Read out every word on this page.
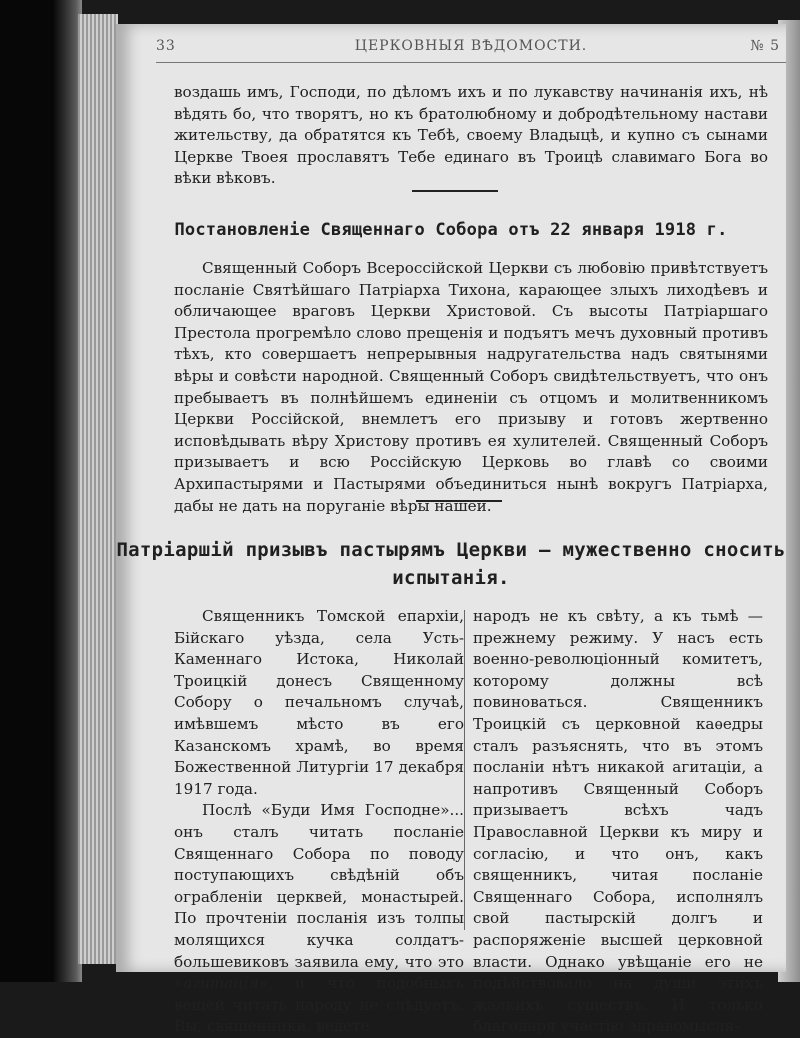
33	ЦЕРКОВНЫЯ ВѢДОМОСТИ.	№ 5

воздашь имъ, Господи, по дѣломъ ихъ и по лукавству начинанія ихъ, нѣ вѣдять бо, что творятъ, но къ братолюбному и добродѣтельному настави жительству, да обратятся къ Тебѣ, своему Владыцѣ, и купно съ сынами Церкве Твоея прославятъ Тебе единаго въ Троицѣ славимаго Бога во вѣки вѣковъ.

Постановленіе Священнаго Собора отъ 22 января 1918 г.

Священный Соборъ Всероссійской Церкви съ любовію привѣтствуетъ посланіе Святѣйшаго Патріарха Тихона, карающее злыхъ лиходѣевъ и обличающее враговъ Церкви Христовой. Съ высоты Патріаршаго Престола прогремѣло слово прещенія и подъятъ мечъ духовный противъ тѣхъ, кто совершаетъ непрерывныя надругательства надъ святынями вѣры и совѣсти народной. Священный Соборъ свидѣтельствуетъ, что онъ пребываетъ въ полнѣйшемъ единеніи съ отцомъ и молитвенникомъ Церкви Россійской, внемлетъ его призыву и готовъ жертвенно исповѣдывать вѣру Христову противъ ея хулителей. Священный Соборъ призываетъ и всю Россійскую Церковь во главѣ со своими Архипастырями и Пастырями объединиться нынѣ вокругъ Патріарха, дабы не дать на поруганіе вѣры нашей.

Патріаршій призывъ пастырямъ Церкви — мужественно сносить
испытанія.

Священникъ Томской епархіи, Бійскаго уѣзда, села Усть-Каменнаго Истока, Николай Троицкій донесъ Священному Собору о печальномъ случаѣ, имѣвшемъ мѣсто въ его Казанскомъ храмѣ, во время Божественной Литургіи 17 декабря 1917 года.

Послѣ «Буди Имя Господне»... онъ сталъ читать посланіе Священнаго Собора по поводу поступающихъ свѣдѣній объ ограбленіи церквей, монастырей. По прочтеніи посланія изъ толпы молящихся кучка солдатъ-большевиковъ заявила ему, что это «агитація», и что подобныхъ вещей читать народу не слѣдуетъ. Вы, священники, ведете

народъ не къ свѣту, а къ тьмѣ — прежнему режиму. У насъ есть военно-революціонный комитетъ, которому должны всѣ повиноваться. Священникъ Троицкій съ церковной каѳедры сталъ разъяснять, что въ этомъ посланіи нѣтъ никакой агитаціи, а напротивъ Священный Соборъ призываетъ всѣхъ чадъ Православной Церкви къ миру и согласію, и что онъ, какъ священникъ, читая посланіе Священнаго Собора, исполнялъ свой пастырскій долгъ и распоряженіе высшей церковной власти. Однако увѣщаніе его не подѣйствовало на души этихъ жалкихъ существъ. И только благодаря участію здравомысля-
